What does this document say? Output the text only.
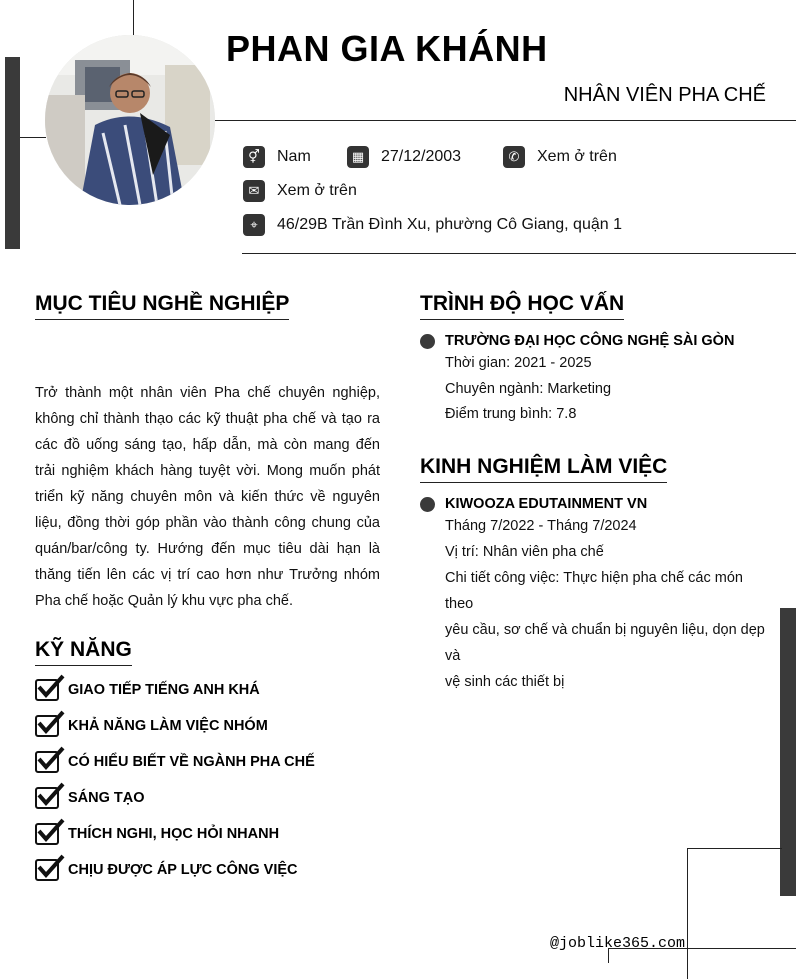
PHAN GIA KHÁNH
NHÂN VIÊN PHA CHẾ
⚥	Nam	▦	27/12/2003	✆	Xem ở trên
✉	Xem ở trên
⌖	46/29B Trần Đình Xu, phường Cô Giang, quận 1
MỤC TIÊU NGHỀ NGHIỆP
Trở thành một nhân viên Pha chế chuyên nghiệp, không chỉ thành thạo các kỹ thuật pha chế và tạo ra các đồ uống sáng tạo, hấp dẫn, mà còn mang đến trải nghiệm khách hàng tuyệt vời. Mong muốn phát triển kỹ năng chuyên môn và kiến thức về nguyên liệu, đồng thời góp phần vào thành công chung của quán/bar/công ty. Hướng đến mục tiêu dài hạn là thăng tiến lên các vị trí cao hơn như Trưởng nhóm Pha chế hoặc Quản lý khu vực pha chế.
KỸ NĂNG
GIAO TIẾP TIẾNG ANH KHÁ
KHẢ NĂNG LÀM VIỆC NHÓM
CÓ HIỂU BIẾT VỀ NGÀNH PHA CHẾ
SÁNG TẠO
THÍCH NGHI, HỌC HỎI NHANH
CHỊU ĐƯỢC ÁP LỰC CÔNG VIỆC
TRÌNH ĐỘ HỌC VẤN
TRƯỜNG ĐẠI HỌC CÔNG NGHỆ SÀI GÒN
Thời gian: 2021 - 2025
Chuyên ngành: Marketing
Điểm trung bình: 7.8
KINH NGHIỆM LÀM VIỆC
KIWOOZA EDUTAINMENT VN
Tháng 7/2022 - Tháng 7/2024
Vị trí: Nhân viên pha chế
Chi tiết công việc: Thực hiện pha chế các món theo
yêu cầu, sơ chế và chuẩn bị nguyên liệu, dọn dẹp và
vệ sinh các thiết bị
@joblike365.com
